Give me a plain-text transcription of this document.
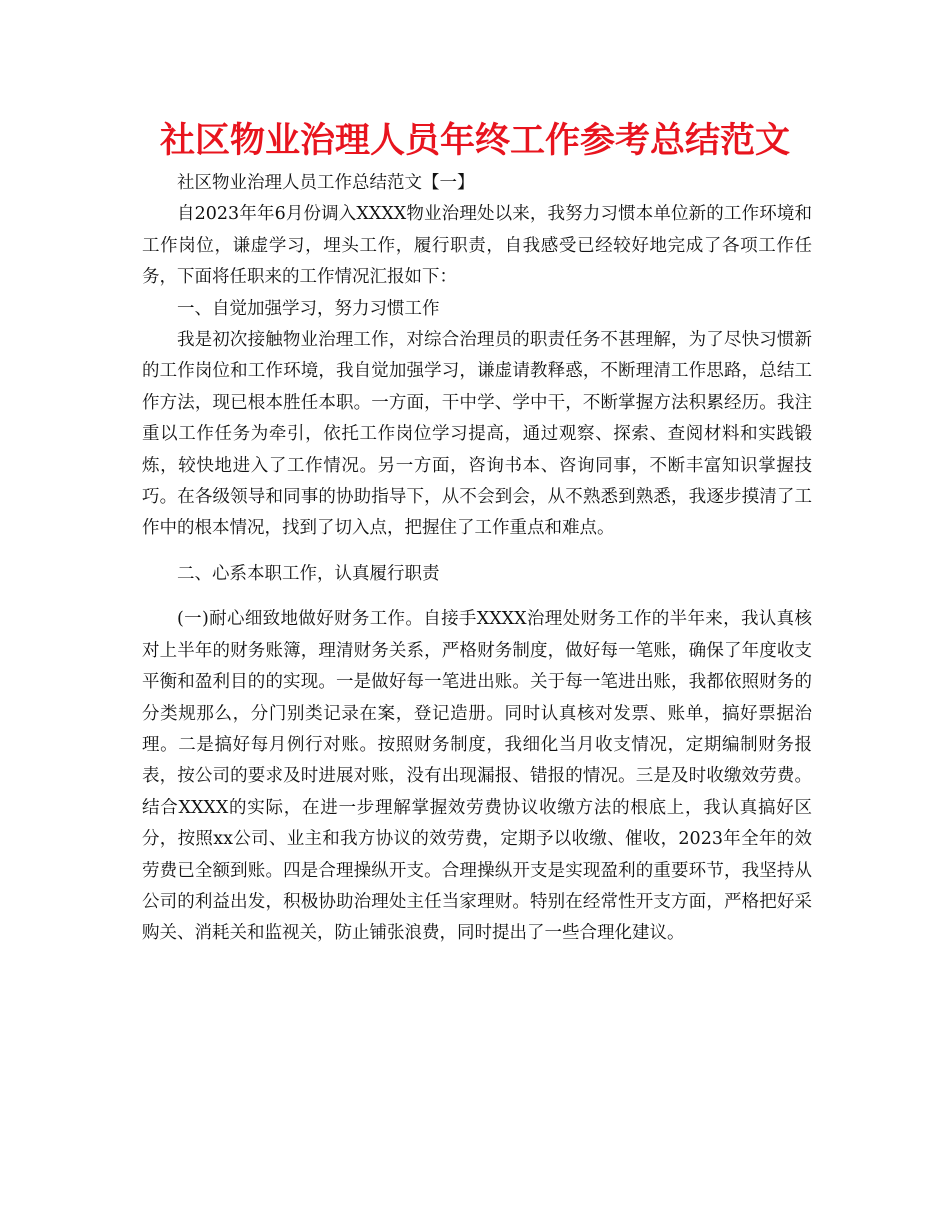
社区物业治理人员年终工作参考总结范文

社区物业治理人员工作总结范文【一】

自2023年年6月份调入XXXX物业治理处以来，我努力习惯本单位新的工作环境和工作岗位，谦虚学习，埋头工作，履行职责，自我感受已经较好地完成了各项工作任务，下面将任职来的工作情况汇报如下：

一、自觉加强学习，努力习惯工作

我是初次接触物业治理工作，对综合治理员的职责任务不甚理解，为了尽快习惯新的工作岗位和工作环境，我自觉加强学习，谦虚请教释惑，不断理清工作思路，总结工作方法，现已根本胜任本职。一方面，干中学、学中干，不断掌握方法积累经历。我注重以工作任务为牵引，依托工作岗位学习提高，通过观察、探索、查阅材料和实践锻炼，较快地进入了工作情况。另一方面，咨询书本、咨询同事，不断丰富知识掌握技巧。在各级领导和同事的协助指导下，从不会到会，从不熟悉到熟悉，我逐步摸清了工作中的根本情况，找到了切入点，把握住了工作重点和难点。

二、心系本职工作，认真履行职责

(一)耐心细致地做好财务工作。自接手XXXX治理处财务工作的半年来，我认真核对上半年的财务账簿，理清财务关系，严格财务制度，做好每一笔账，确保了年度收支平衡和盈利目的的实现。一是做好每一笔进出账。关于每一笔进出账，我都依照财务的分类规那么，分门别类记录在案，登记造册。同时认真核对发票、账单，搞好票据治理。二是搞好每月例行对账。按照财务制度，我细化当月收支情况，定期编制财务报表，按公司的要求及时进展对账，没有出现漏报、错报的情况。三是及时收缴效劳费。结合XXXX的实际，在进一步理解掌握效劳费协议收缴方法的根底上，我认真搞好区分，按照xx公司、业主和我方协议的效劳费，定期予以收缴、催收，2023年全年的效劳费已全额到账。四是合理操纵开支。合理操纵开支是实现盈利的重要环节，我坚持从公司的利益出发，积极协助治理处主任当家理财。特别在经常性开支方面，严格把好采购关、消耗关和监视关，防止铺张浪费，同时提出了一些合理化建议。
